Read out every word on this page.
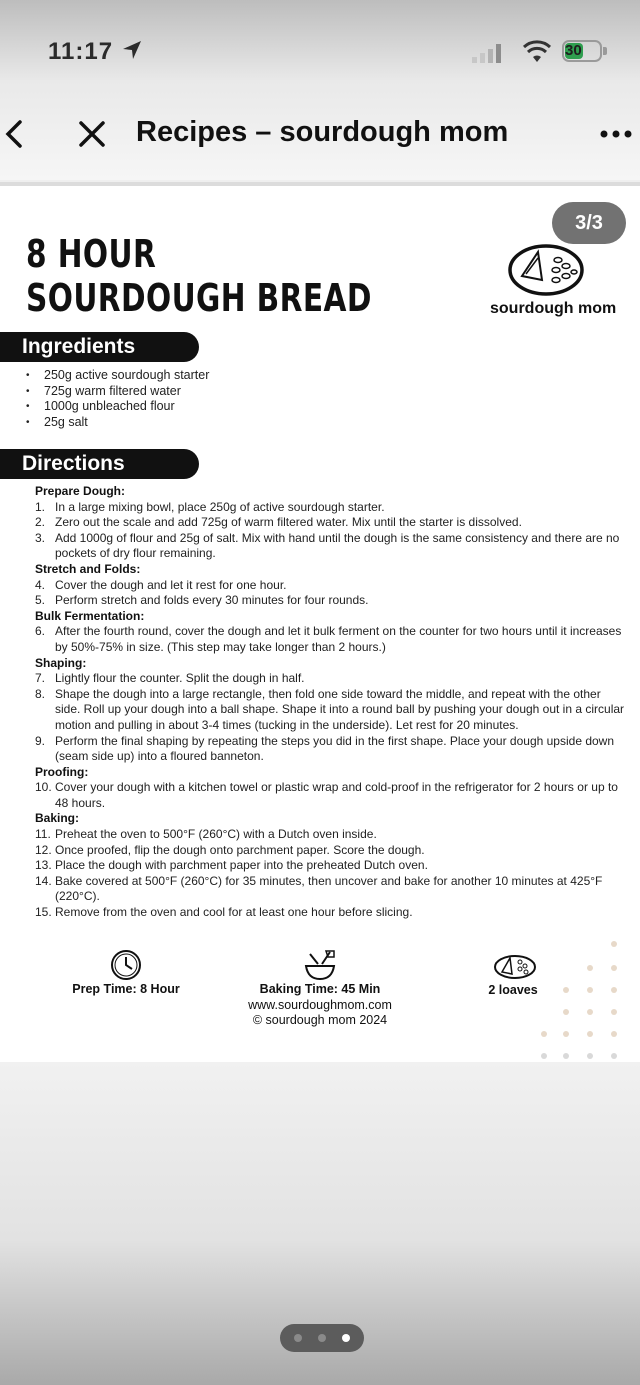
11:17	30
Recipes – sourdough mom
3/3
8 HOUR
SOURDOUGH BREAD	sourdough mom
Ingredients
• 250g active sourdough starter
• 725g warm filtered water
• 1000g unbleached flour
• 25g salt
Directions
Prepare Dough:
1. In a large mixing bowl, place 250g of active sourdough starter.
2. Zero out the scale and add 725g of warm filtered water. Mix until the starter is dissolved.
3. Add 1000g of flour and 25g of salt. Mix with hand until the dough is the same consistency and there are no pockets of dry flour remaining.
Stretch and Folds:
4. Cover the dough and let it rest for one hour.
5. Perform stretch and folds every 30 minutes for four rounds.
Bulk Fermentation:
6. After the fourth round, cover the dough and let it bulk ferment on the counter for two hours until it increases by 50%-75% in size. (This step may take longer than 2 hours.)
Shaping:
7. Lightly flour the counter. Split the dough in half.
8. Shape the dough into a large rectangle, then fold one side toward the middle, and repeat with the other side. Roll up your dough into a ball shape. Shape it into a round ball by pushing your dough out in a circular motion and pulling in about 3-4 times (tucking in the underside). Let rest for 20 minutes.
9. Perform the final shaping by repeating the steps you did in the first shape. Place your dough upside down (seam side up) into a floured banneton.
Proofing:
10. Cover your dough with a kitchen towel or plastic wrap and cold-proof in the refrigerator for 2 hours or up to 48 hours.
Baking:
11. Preheat the oven to 500°F (260°C) with a Dutch oven inside.
12. Once proofed, flip the dough onto parchment paper. Score the dough.
13. Place the dough with parchment paper into the preheated Dutch oven.
14. Bake covered at 500°F (260°C) for 35 minutes, then uncover and bake for another 10 minutes at 425°F (220°C).
15. Remove from the oven and cool for at least one hour before slicing.
Prep Time: 8 Hour	Baking Time: 45 Min
www.sourdoughmom.com
© sourdough mom 2024
2 loaves
